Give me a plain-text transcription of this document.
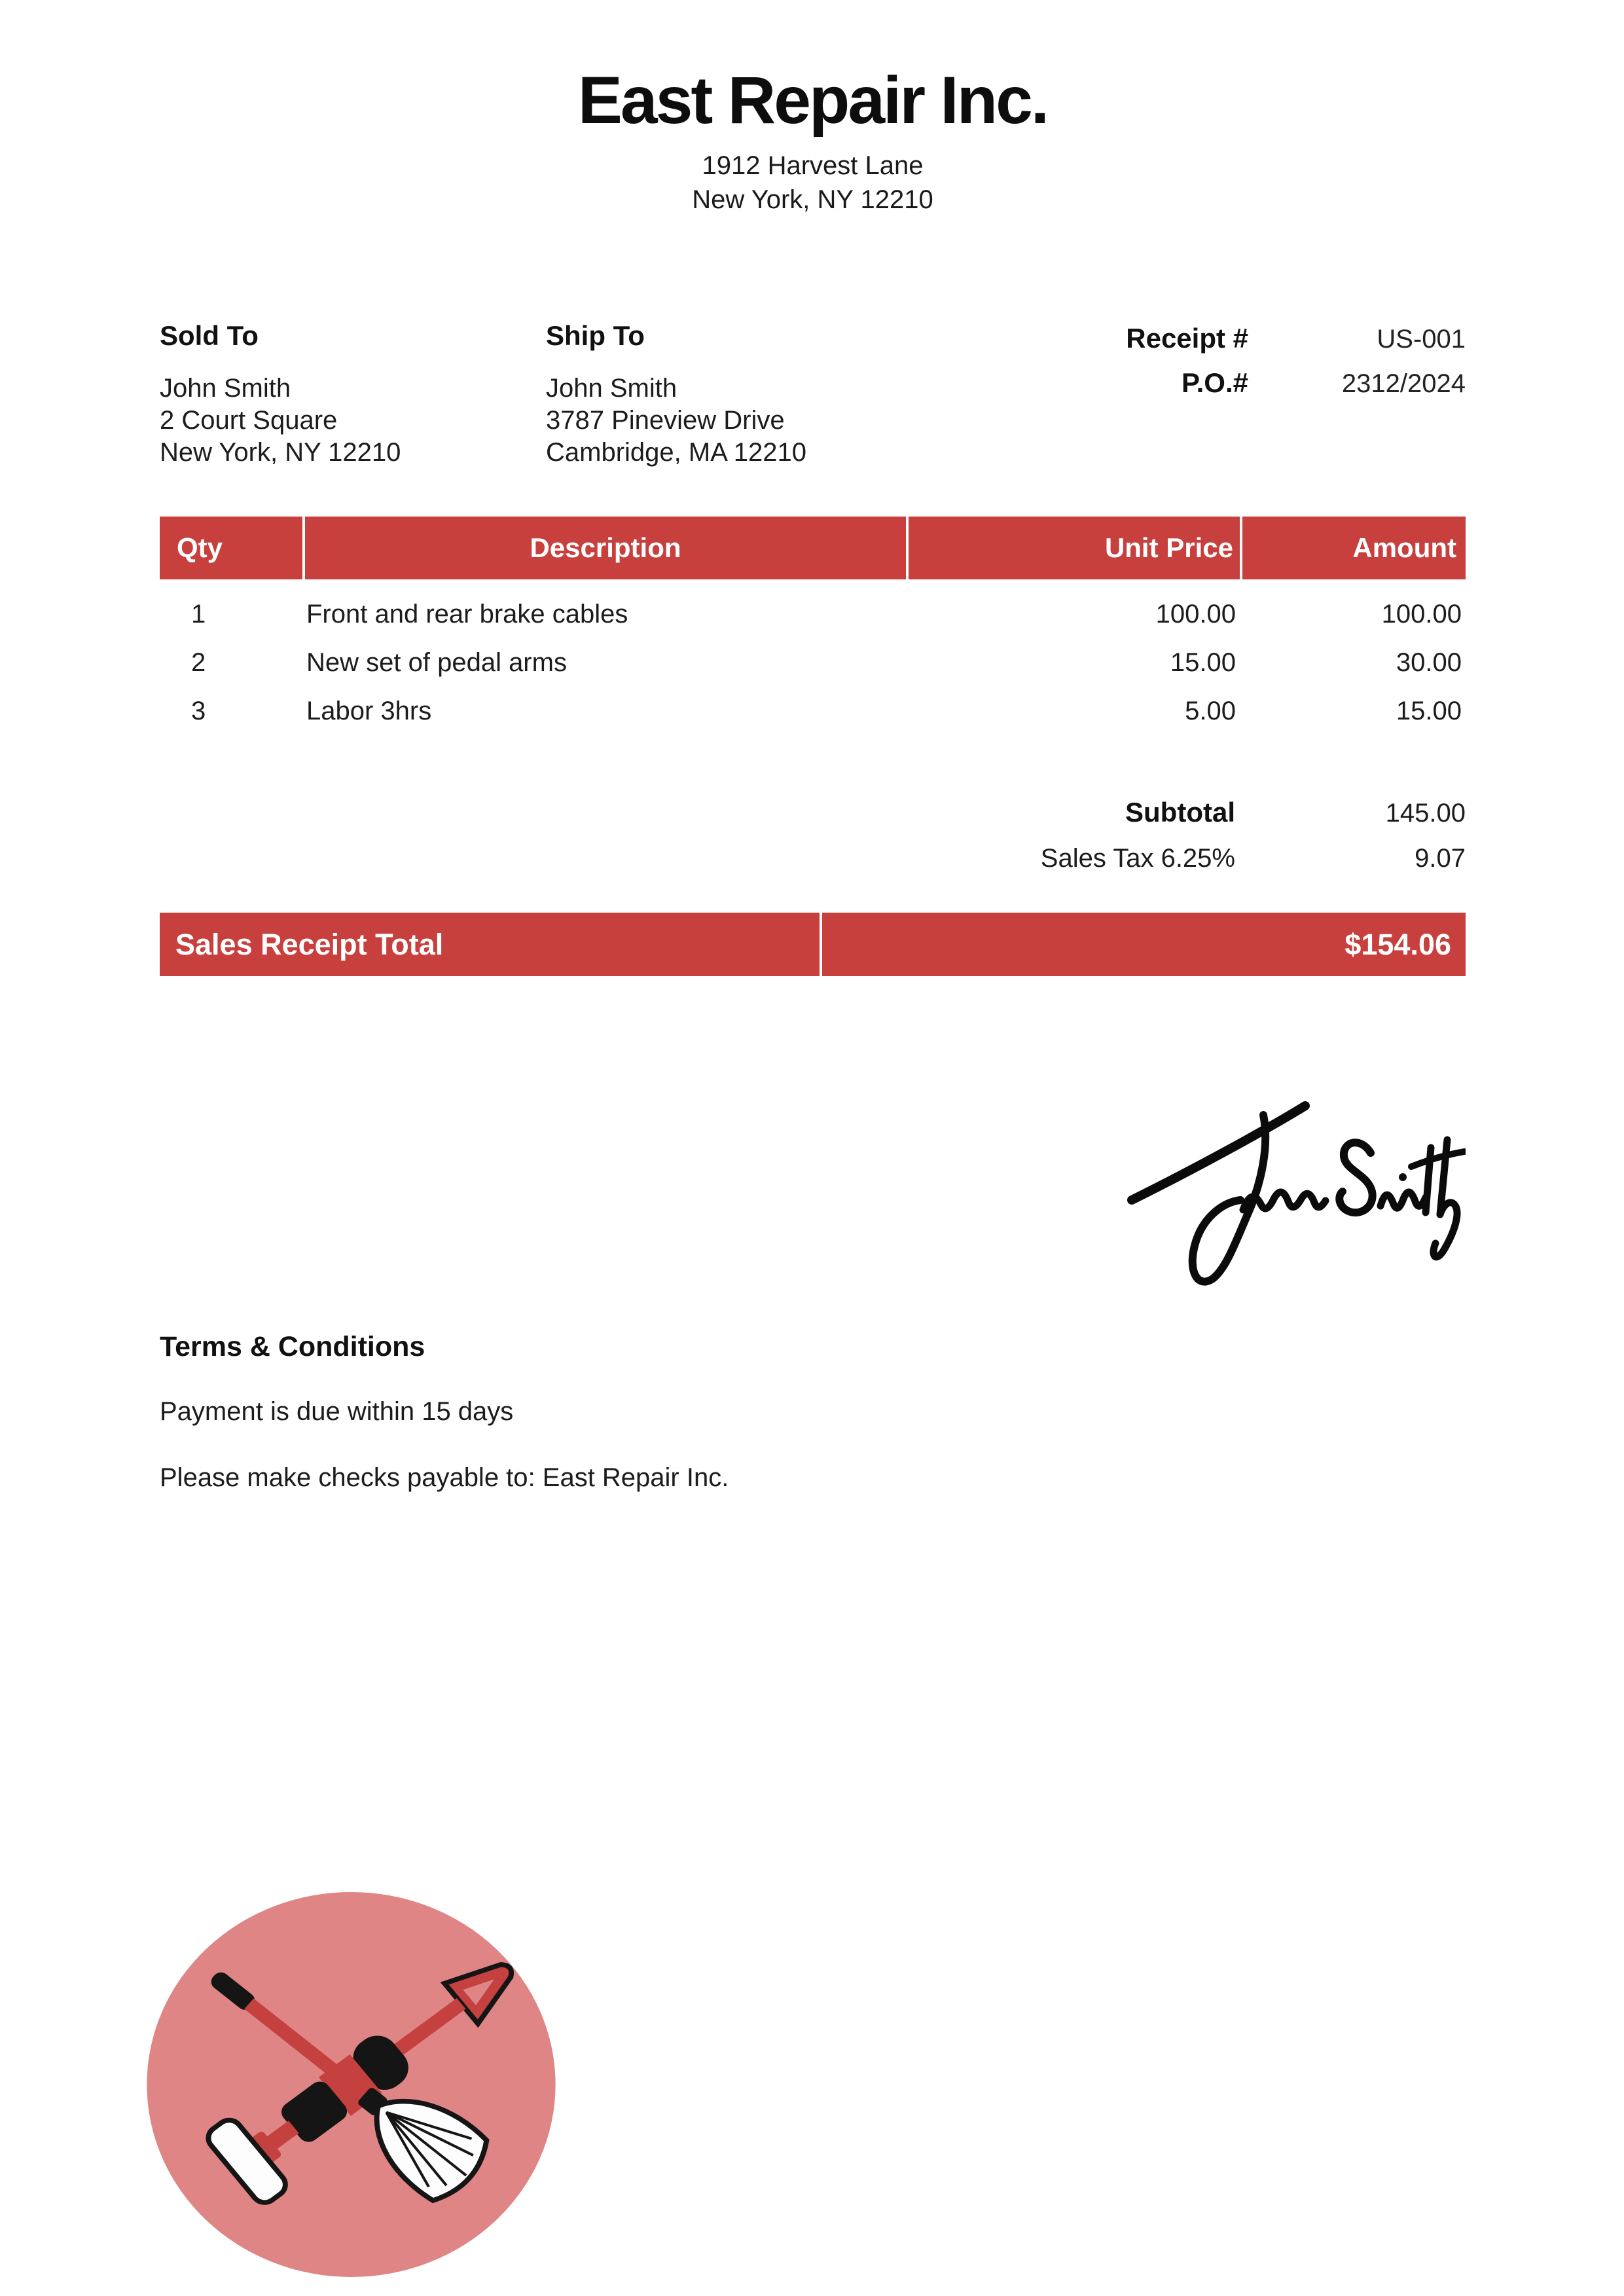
East Repair Inc.
1912 Harvest Lane
New York, NY 12210

Sold To

John Smith
2 Court Square
New York, NY 12210

Ship To

John Smith
3787 Pineview Drive
Cambridge, MA 12210
Receipt #	US-001
P.O.#	2312/2024
Qty	Description	Unit Price	Amount
1	Front and rear brake cables	100.00	100.00
2	New set of pedal arms	15.00	30.00
3	Labor 3hrs	5.00	15.00
Subtotal	145.00
Sales Tax 6.25%	9.07
Sales Receipt Total	$154.06

Terms & Conditions

Payment is due within 15 days
Please make checks payable to: East Repair Inc.
